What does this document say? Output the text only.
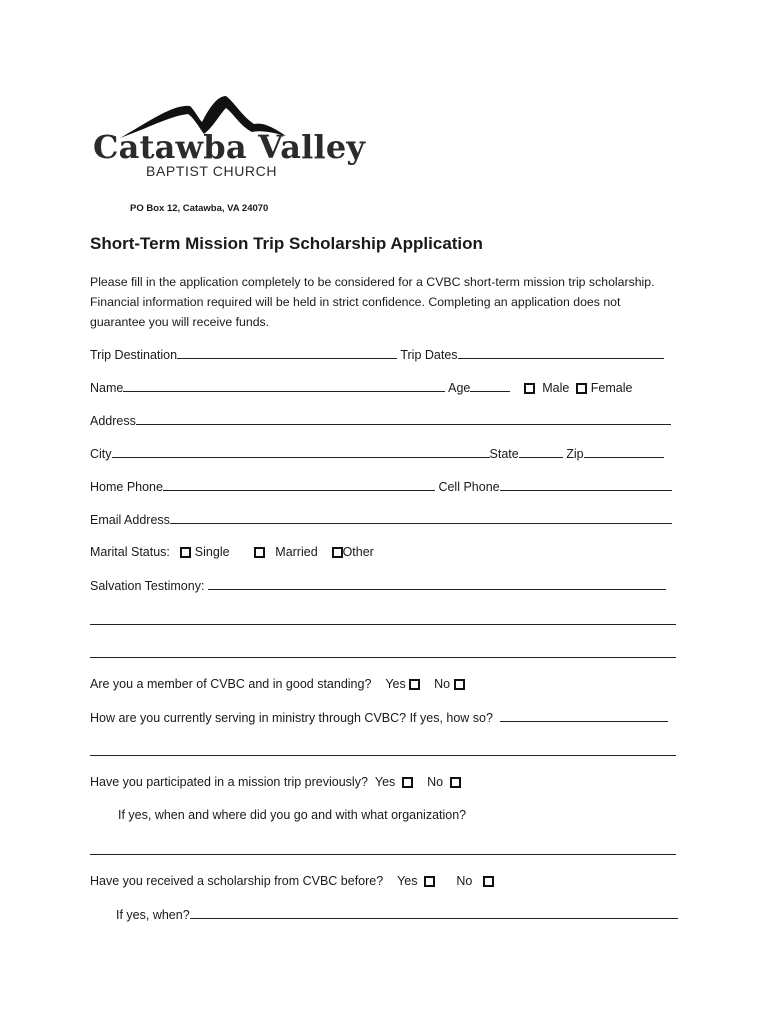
Catawba Valley
BAPTIST CHURCH
PO Box 12, Catawba, VA 24070
Short-Term Mission Trip Scholarship Application

Please fill in the application completely to be considered for a CVBC short-term mission trip scholarship.

Financial information required will be held in strict confidence. Completing an application does not

guarantee you will receive funds.

Trip Destination	Trip Dates
Name	Age	Male Female
Address
City	State	Zip
Home Phone	Cell Phone
Email Address
Marital Status: Single	Married Other
Salvation Testimony:
Are you a member of CVBC and in good standing? Yes No
How are you currently serving in ministry through CVBC? If yes, how so?
Have you participated in a mission trip previously? Yes	No
If yes, when and where did you go and with what organization?
Have you received a scholarship from CVBC before? Yes	No
If yes, when?
